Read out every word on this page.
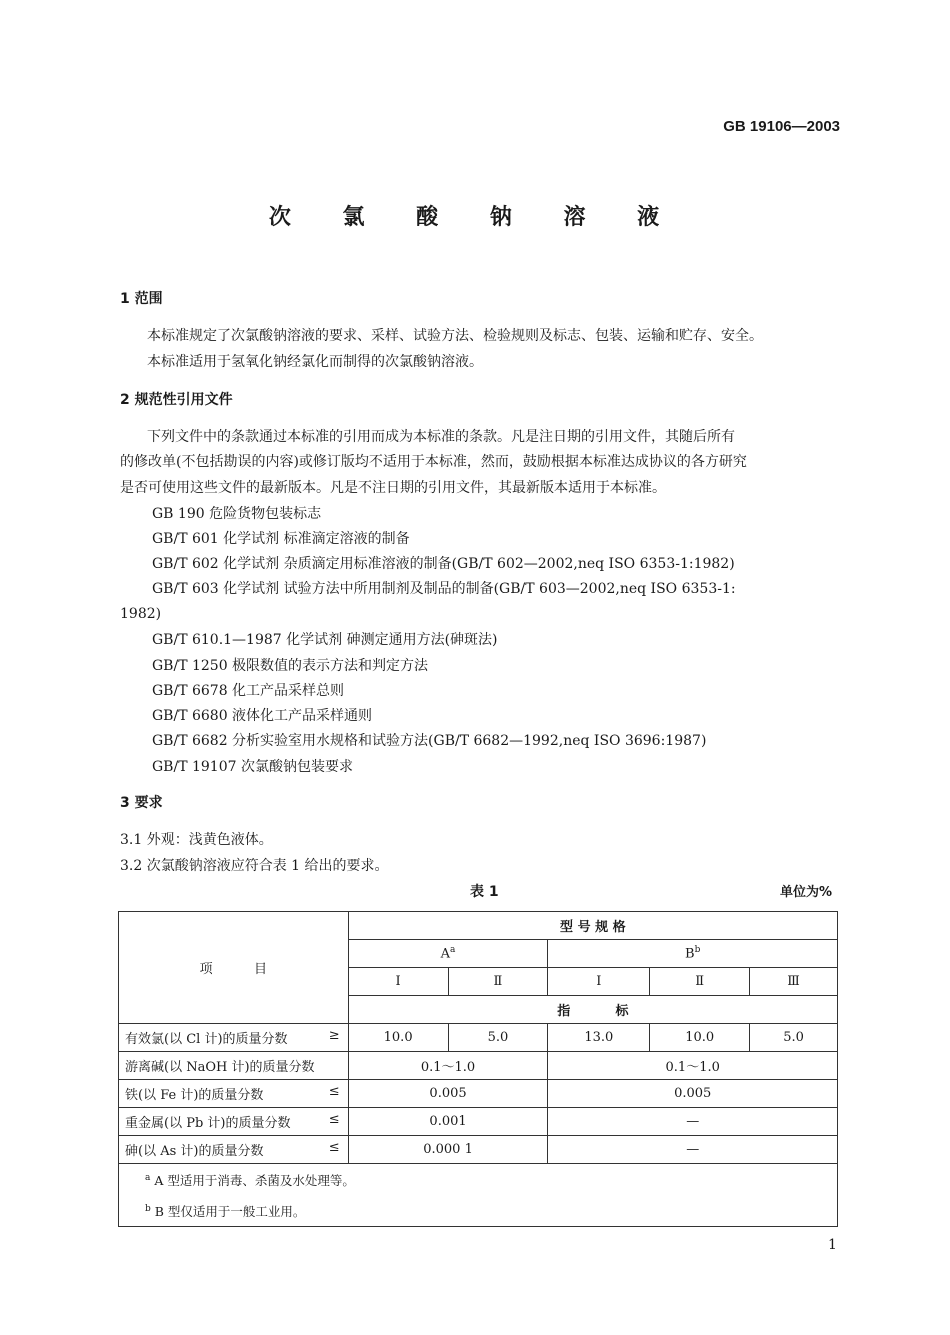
GB 19106—2003
次 氯 酸 钠 溶 液
1 范围
本标准规定了次氯酸钠溶液的要求、采样、试验方法、检验规则及标志、包装、运输和贮存、安全。
本标准适用于氢氧化钠经氯化而制得的次氯酸钠溶液。
2 规范性引用文件
下列文件中的条款通过本标准的引用而成为本标准的条款。凡是注日期的引用文件，其随后所有
的修改单(不包括勘误的内容)或修订版均不适用于本标准，然而，鼓励根据本标准达成协议的各方研究
是否可使用这些文件的最新版本。凡是不注日期的引用文件，其最新版本适用于本标准。
GB 190 危险货物包装标志
GB/T 601 化学试剂 标准滴定溶液的制备
GB/T 602 化学试剂 杂质滴定用标准溶液的制备(GB/T 602—2002,neq ISO 6353-1:1982)
GB/T 603 化学试剂 试验方法中所用制剂及制品的制备(GB/T 603—2002,neq ISO 6353-1:
1982)
GB/T 610.1—1987 化学试剂 砷测定通用方法(砷斑法)
GB/T 1250 极限数值的表示方法和判定方法
GB/T 6678 化工产品采样总则
GB/T 6680 液体化工产品采样通则
GB/T 6682 分析实验室用水规格和试验方法(GB/T 6682—1992,neq ISO 3696:1987)
GB/T 19107 次氯酸钠包装要求
3 要求
3.1 外观：浅黄色液体。
3.2 次氯酸钠溶液应符合表 1 给出的要求。
表 1	单位为%
项          目	型 号 规 格				
	$A^a$		$B^b$
	Ⅰ	Ⅱ	Ⅰ	Ⅱ	Ⅲ
	指          标				
有效氯(以 Cl 计)的质量分数 ≥	10.0	5.0	13.0	10.0	5.0
游离碱(以 NaOH 计)的质量分数	0.1～1.0		0.1～1.0		
铁(以 Fe 计)的质量分数 ≤	0.005		0.005		
重金属(以 Pb 计)的质量分数 ≤	0.001		—		
砷(以 As 计)的质量分数 ≤	0.000 1		—		

$^a$ A 型适用于消毒、杀菌及水处理等。
$^b$ B 型仅适用于一般工业用。					
1
